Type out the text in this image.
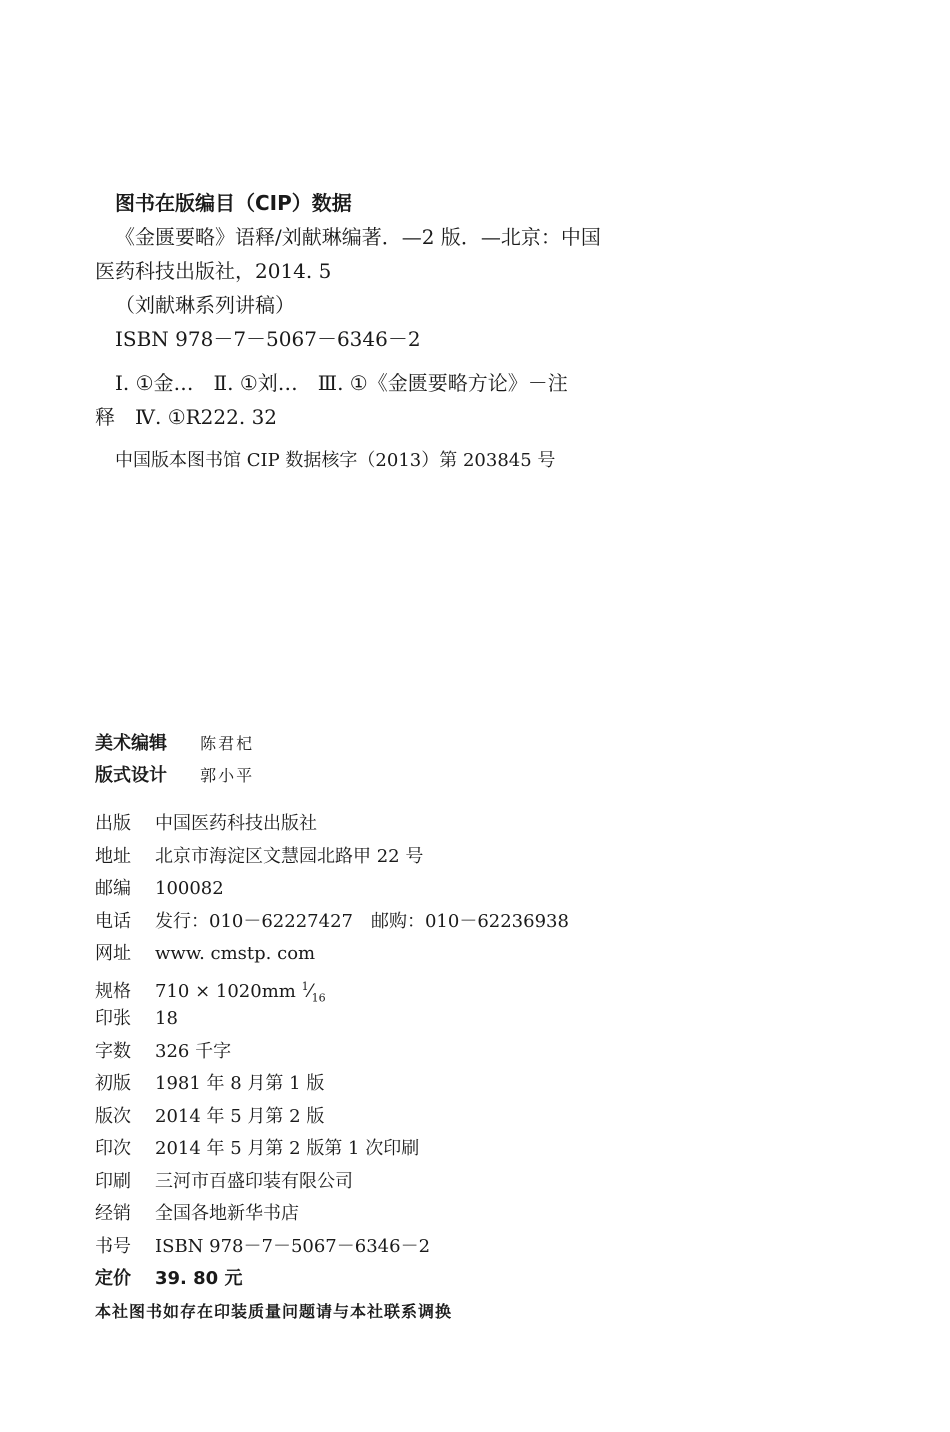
图书在版编目（CIP）数据
《金匮要略》语释/刘献琳编著．—2 版．—北京：中国
医药科技出版社，2014. 5
（刘献琳系列讲稿）
ISBN 978－7－5067－6346－2
Ⅰ. ①金…　Ⅱ. ①刘…　Ⅲ. ①《金匮要略方论》－注
释　Ⅳ. ①R222. 32
中国版本图书馆 CIP 数据核字（2013）第 203845 号
美术编辑 陈君杞
版式设计 郭小平
出版 中国医药科技出版社
地址 北京市海淀区文慧园北路甲 22 号
邮编 100082
电话 发行：010－62227427　邮购：010－62236938
网址 www. cmstp. com
规格 710 × 1020mm $^1⁄_{16}$
印张 18
字数 326 千字
初版 1981 年 8 月第 1 版
版次 2014 年 5 月第 2 版
印次 2014 年 5 月第 2 版第 1 次印刷
印刷 三河市百盛印装有限公司
经销 全国各地新华书店
书号 ISBN 978－7－5067－6346－2
定价 39. 80 元
本社图书如存在印装质量问题请与本社联系调换
